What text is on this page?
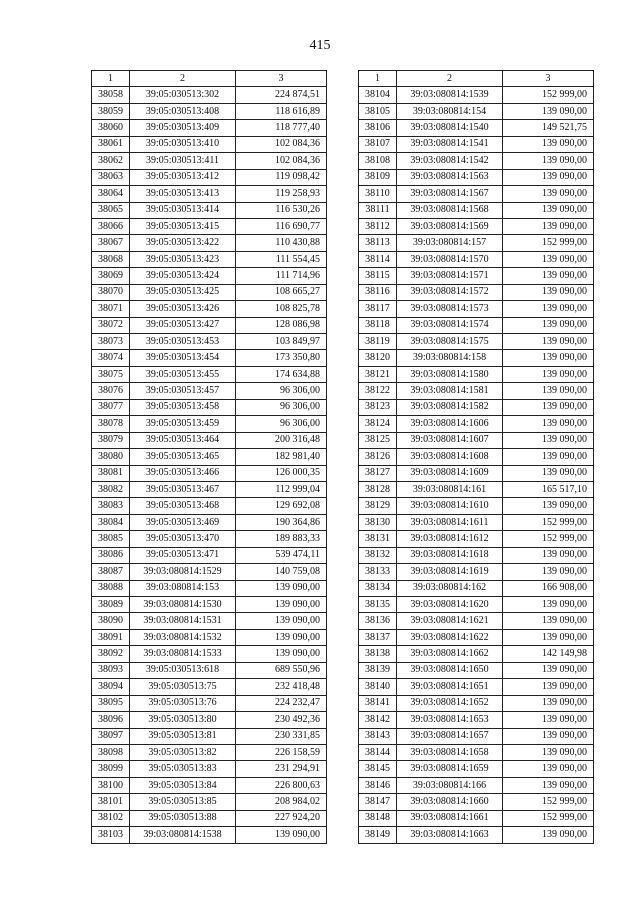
415
1	2	3
38058	39:05:030513:302	224 874,51
38059	39:05:030513:408	118 616,89
38060	39:05:030513:409	118 777,40
38061	39:05:030513:410	102 084,36
38062	39:05:030513:411	102 084,36
38063	39:05:030513:412	119 098,42
38064	39:05:030513:413	119 258,93
38065	39:05:030513:414	116 530,26
38066	39:05:030513:415	116 690,77
38067	39:05:030513:422	110 430,88
38068	39:05:030513:423	111 554,45
38069	39:05:030513:424	111 714,96
38070	39:05:030513:425	108 665,27
38071	39:05:030513:426	108 825,78
38072	39:05:030513:427	128 086,98
38073	39:05:030513:453	103 849,97
38074	39:05:030513:454	173 350,80
38075	39:05:030513:455	174 634,88
38076	39:05:030513:457	96 306,00
38077	39:05:030513:458	96 306,00
38078	39:05:030513:459	96 306,00
38079	39:05:030513:464	200 316,48
38080	39:05:030513:465	182 981,40
38081	39:05:030513:466	126 000,35
38082	39:05:030513:467	112 999,04
38083	39:05:030513:468	129 692,08
38084	39:05:030513:469	190 364,86
38085	39:05:030513:470	189 883,33
38086	39:05:030513:471	539 474,11
38087	39:03:080814:1529	140 759,08
38088	39:03:080814:153	139 090,00
38089	39:03:080814:1530	139 090,00
38090	39:03:080814:1531	139 090,00
38091	39:03:080814:1532	139 090,00
38092	39:03:080814:1533	139 090,00
38093	39:05:030513:618	689 550,96
38094	39:05:030513:75	232 418,48
38095	39:05:030513:76	224 232,47
38096	39:05:030513:80	230 492,36
38097	39:05:030513:81	230 331,85
38098	39:05:030513:82	226 158,59
38099	39:05:030513:83	231 294,91
38100	39:05:030513:84	226 800,63
38101	39:05:030513:85	208 984,02
38102	39:05:030513:88	227 924,20
38103	39:03:080814:1538	139 090,00
1	2	3
38104	39:03:080814:1539	152 999,00
38105	39:03:080814:154	139 090,00
38106	39:03:080814:1540	149 521,75
38107	39:03:080814:1541	139 090,00
38108	39:03:080814:1542	139 090,00
38109	39:03:080814:1563	139 090,00
38110	39:03:080814:1567	139 090,00
38111	39:03:080814:1568	139 090,00
38112	39:03:080814:1569	139 090,00
38113	39:03:080814:157	152 999,00
38114	39:03:080814:1570	139 090,00
38115	39:03:080814:1571	139 090,00
38116	39:03:080814:1572	139 090,00
38117	39:03:080814:1573	139 090,00
38118	39:03:080814:1574	139 090,00
38119	39:03:080814:1575	139 090,00
38120	39:03:080814:158	139 090,00
38121	39:03:080814:1580	139 090,00
38122	39:03:080814:1581	139 090,00
38123	39:03:080814:1582	139 090,00
38124	39:03:080814:1606	139 090,00
38125	39:03:080814:1607	139 090,00
38126	39:03:080814:1608	139 090,00
38127	39:03:080814:1609	139 090,00
38128	39:03:080814:161	165 517,10
38129	39:03:080814:1610	139 090,00
38130	39:03:080814:1611	152 999,00
38131	39:03:080814:1612	152 999,00
38132	39:03:080814:1618	139 090,00
38133	39:03:080814:1619	139 090,00
38134	39:03:080814:162	166 908,00
38135	39:03:080814:1620	139 090,00
38136	39:03:080814:1621	139 090,00
38137	39:03:080814:1622	139 090,00
38138	39:03:080814:1662	142 149,98
38139	39:03:080814:1650	139 090,00
38140	39:03:080814:1651	139 090,00
38141	39:03:080814:1652	139 090,00
38142	39:03:080814:1653	139 090,00
38143	39:03:080814:1657	139 090,00
38144	39:03:080814:1658	139 090,00
38145	39:03:080814:1659	139 090,00
38146	39:03:080814:166	139 090,00
38147	39:03:080814:1660	152 999,00
38148	39:03:080814:1661	152 999,00
38149	39:03:080814:1663	139 090,00
